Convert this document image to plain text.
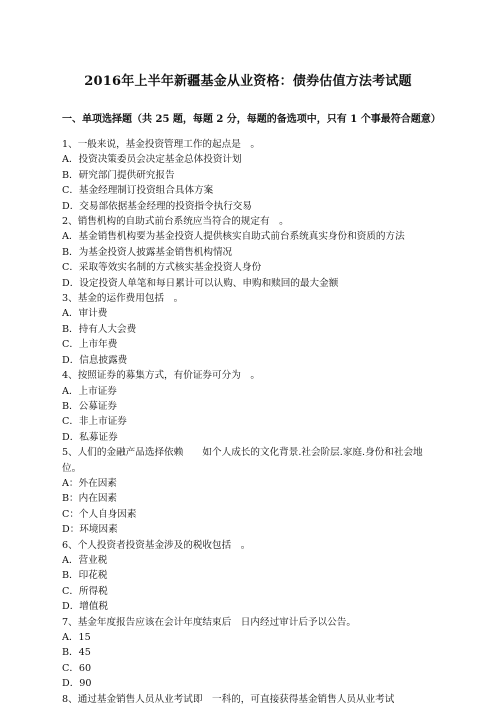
2016年上半年新疆基金从业资格：债券估值方法考试题
一、单项选择题（共 25 题，每题 2 分，每题的备选项中，只有 1 个事最符合题意）
1、一般来说，基金投资管理工作的起点是　。
A．投资决策委员会决定基金总体投资计划
B．研究部门提供研究报告
C．基金经理制订投资组合具体方案
D．交易部依据基金经理的投资指令执行交易
2、销售机构的自助式前台系统应当符合的规定有　。
A．基金销售机构要为基金投资人提供核实自助式前台系统真实身份和资质的方法
B．为基金投资人披露基金销售机构情况
C．采取等效实名制的方式核实基金投资人身份
D．设定投资人单笔和每日累计可以认购、申购和赎回的最大金额
3、基金的运作费用包括　。
A．审计费
B．持有人大会费
C．上市年费
D．信息披露费
4、按照证券的募集方式，有价证券可分为　。
A．上市证券
B．公募证券
C．非上市证券
D．私募证券
5、人们的金融产品选择依赖　　如个人成长的文化背景.社会阶层.家庭.身份和社会地位。
A：外在因素
B：内在因素
C：个人自身因素
D：环境因素
6、个人投资者投资基金涉及的税收包括　。
A．营业税
B．印花税
C．所得税
D．增值税
7、基金年度报告应该在会计年度结束后　日内经过审计后予以公告。
A．15
B．45
C．60
D．90
8、通过基金销售人员从业考试即　一科的，可直接获得基金销售人员从业考试
